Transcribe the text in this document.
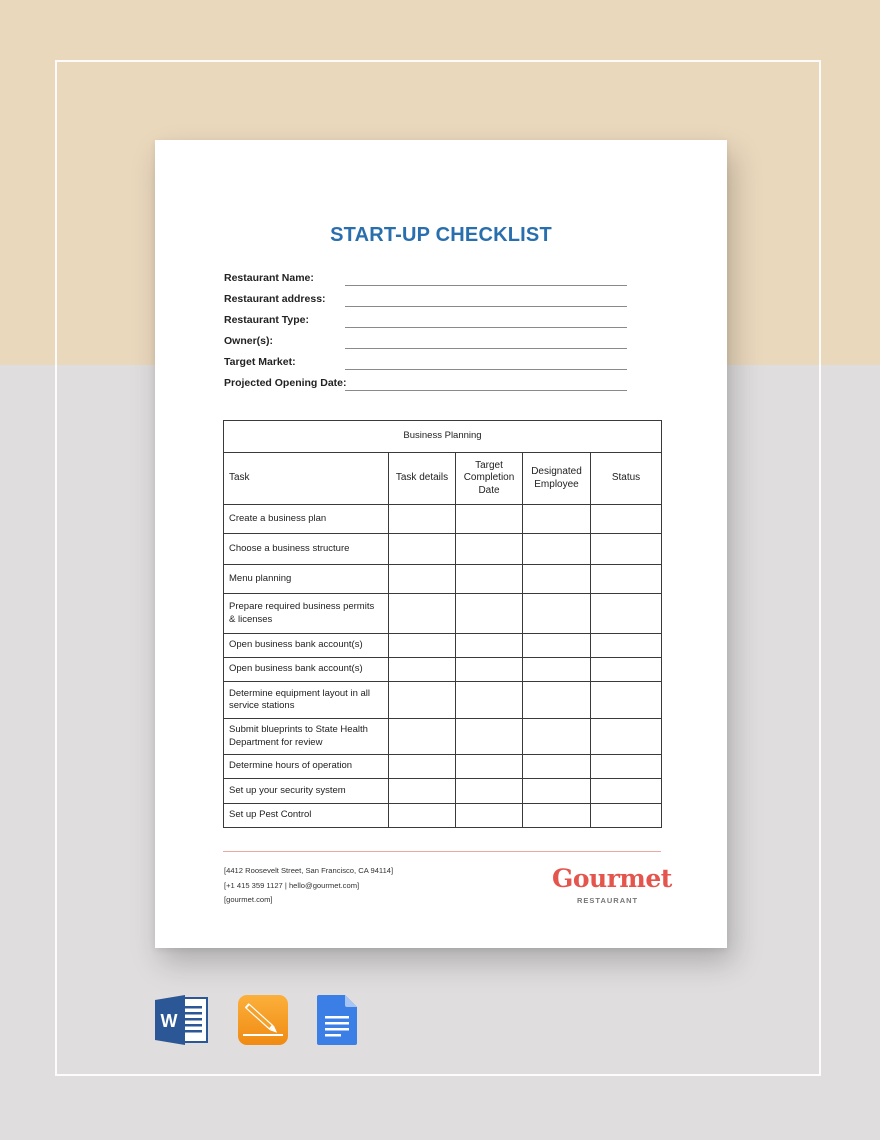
START-UP CHECKLIST
Restaurant Name:
Restaurant address:
Restaurant Type:
Owner(s):
Target Market:
Projected Opening Date:
Business Planning				
Task	Task details	Target Completion Date	Designated Employee	Status
Create a business plan				
Choose a business structure				
Menu planning				
Prepare required business permits & licenses				
Open business bank account(s)				
Open business bank account(s)				
Determine equipment layout in all service stations				
Submit blueprints to State Health Department for review				
Determine hours of operation				
Set up your security system				
Set up Pest Control				
[4412 Roosevelt Street, San Francisco, CA 94114]
[+1 415 359 1127 | hello@gourmet.com]
[gourmet.com]
Gourmet
RESTAURANT
W
